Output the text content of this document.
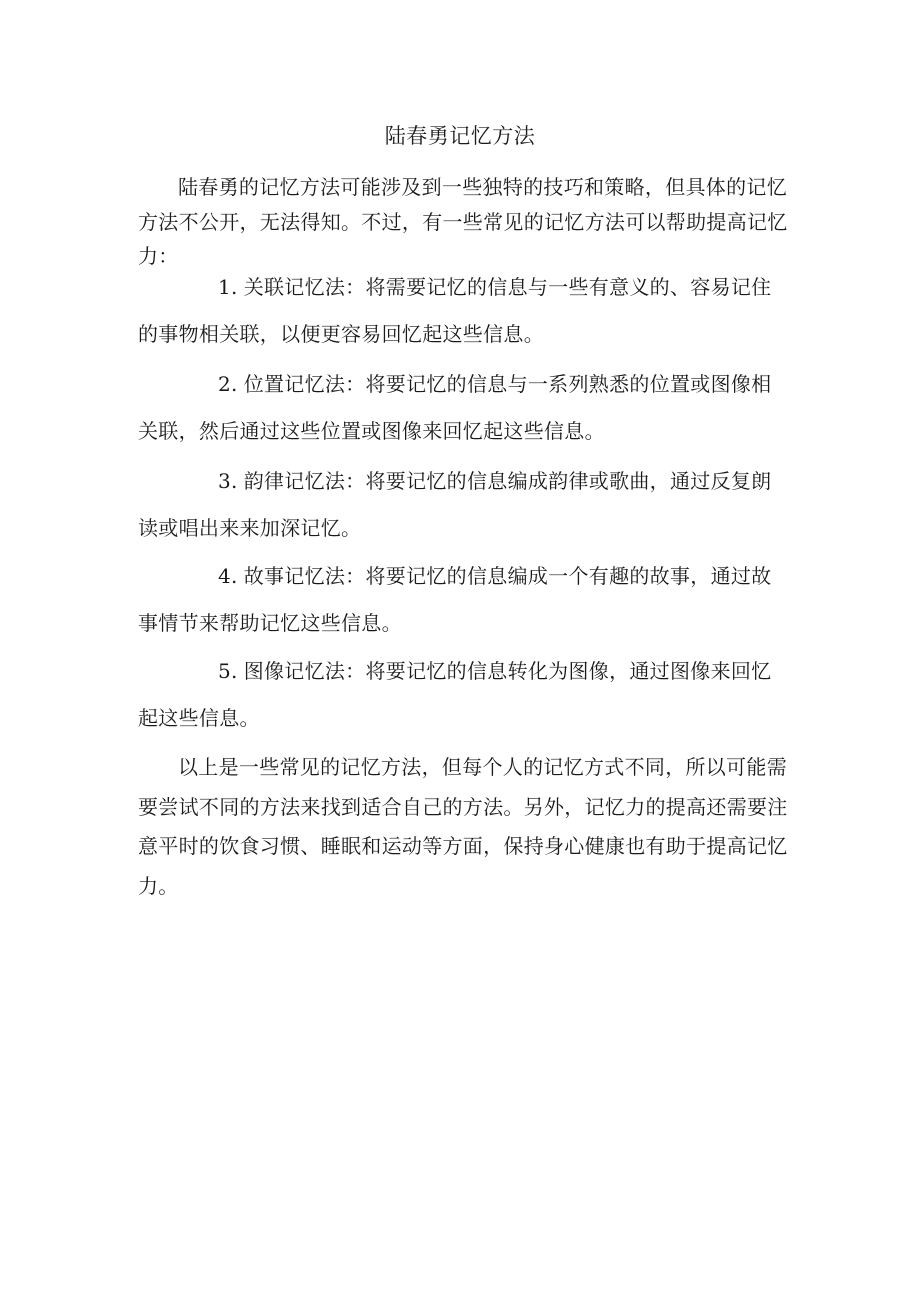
陆春勇记忆方法

陆春勇的记忆方法可能涉及到一些独特的技巧和策略，但具体的记忆方法不公开，无法得知。不过，有一些常见的记忆方法可以帮助提高记忆力：

1. 关联记忆法：将需要记忆的信息与一些有意义的、容易记住的事物相关联，以便更容易回忆起这些信息。

2. 位置记忆法：将要记忆的信息与一系列熟悉的位置或图像相关联，然后通过这些位置或图像来回忆起这些信息。

3. 韵律记忆法：将要记忆的信息编成韵律或歌曲，通过反复朗读或唱出来来加深记忆。

4. 故事记忆法：将要记忆的信息编成一个有趣的故事，通过故事情节来帮助记忆这些信息。

5. 图像记忆法：将要记忆的信息转化为图像，通过图像来回忆起这些信息。

以上是一些常见的记忆方法，但每个人的记忆方式不同，所以可能需要尝试不同的方法来找到适合自己的方法。另外，记忆力的提高还需要注意平时的饮食习惯、睡眠和运动等方面，保持身心健康也有助于提高记忆力。
